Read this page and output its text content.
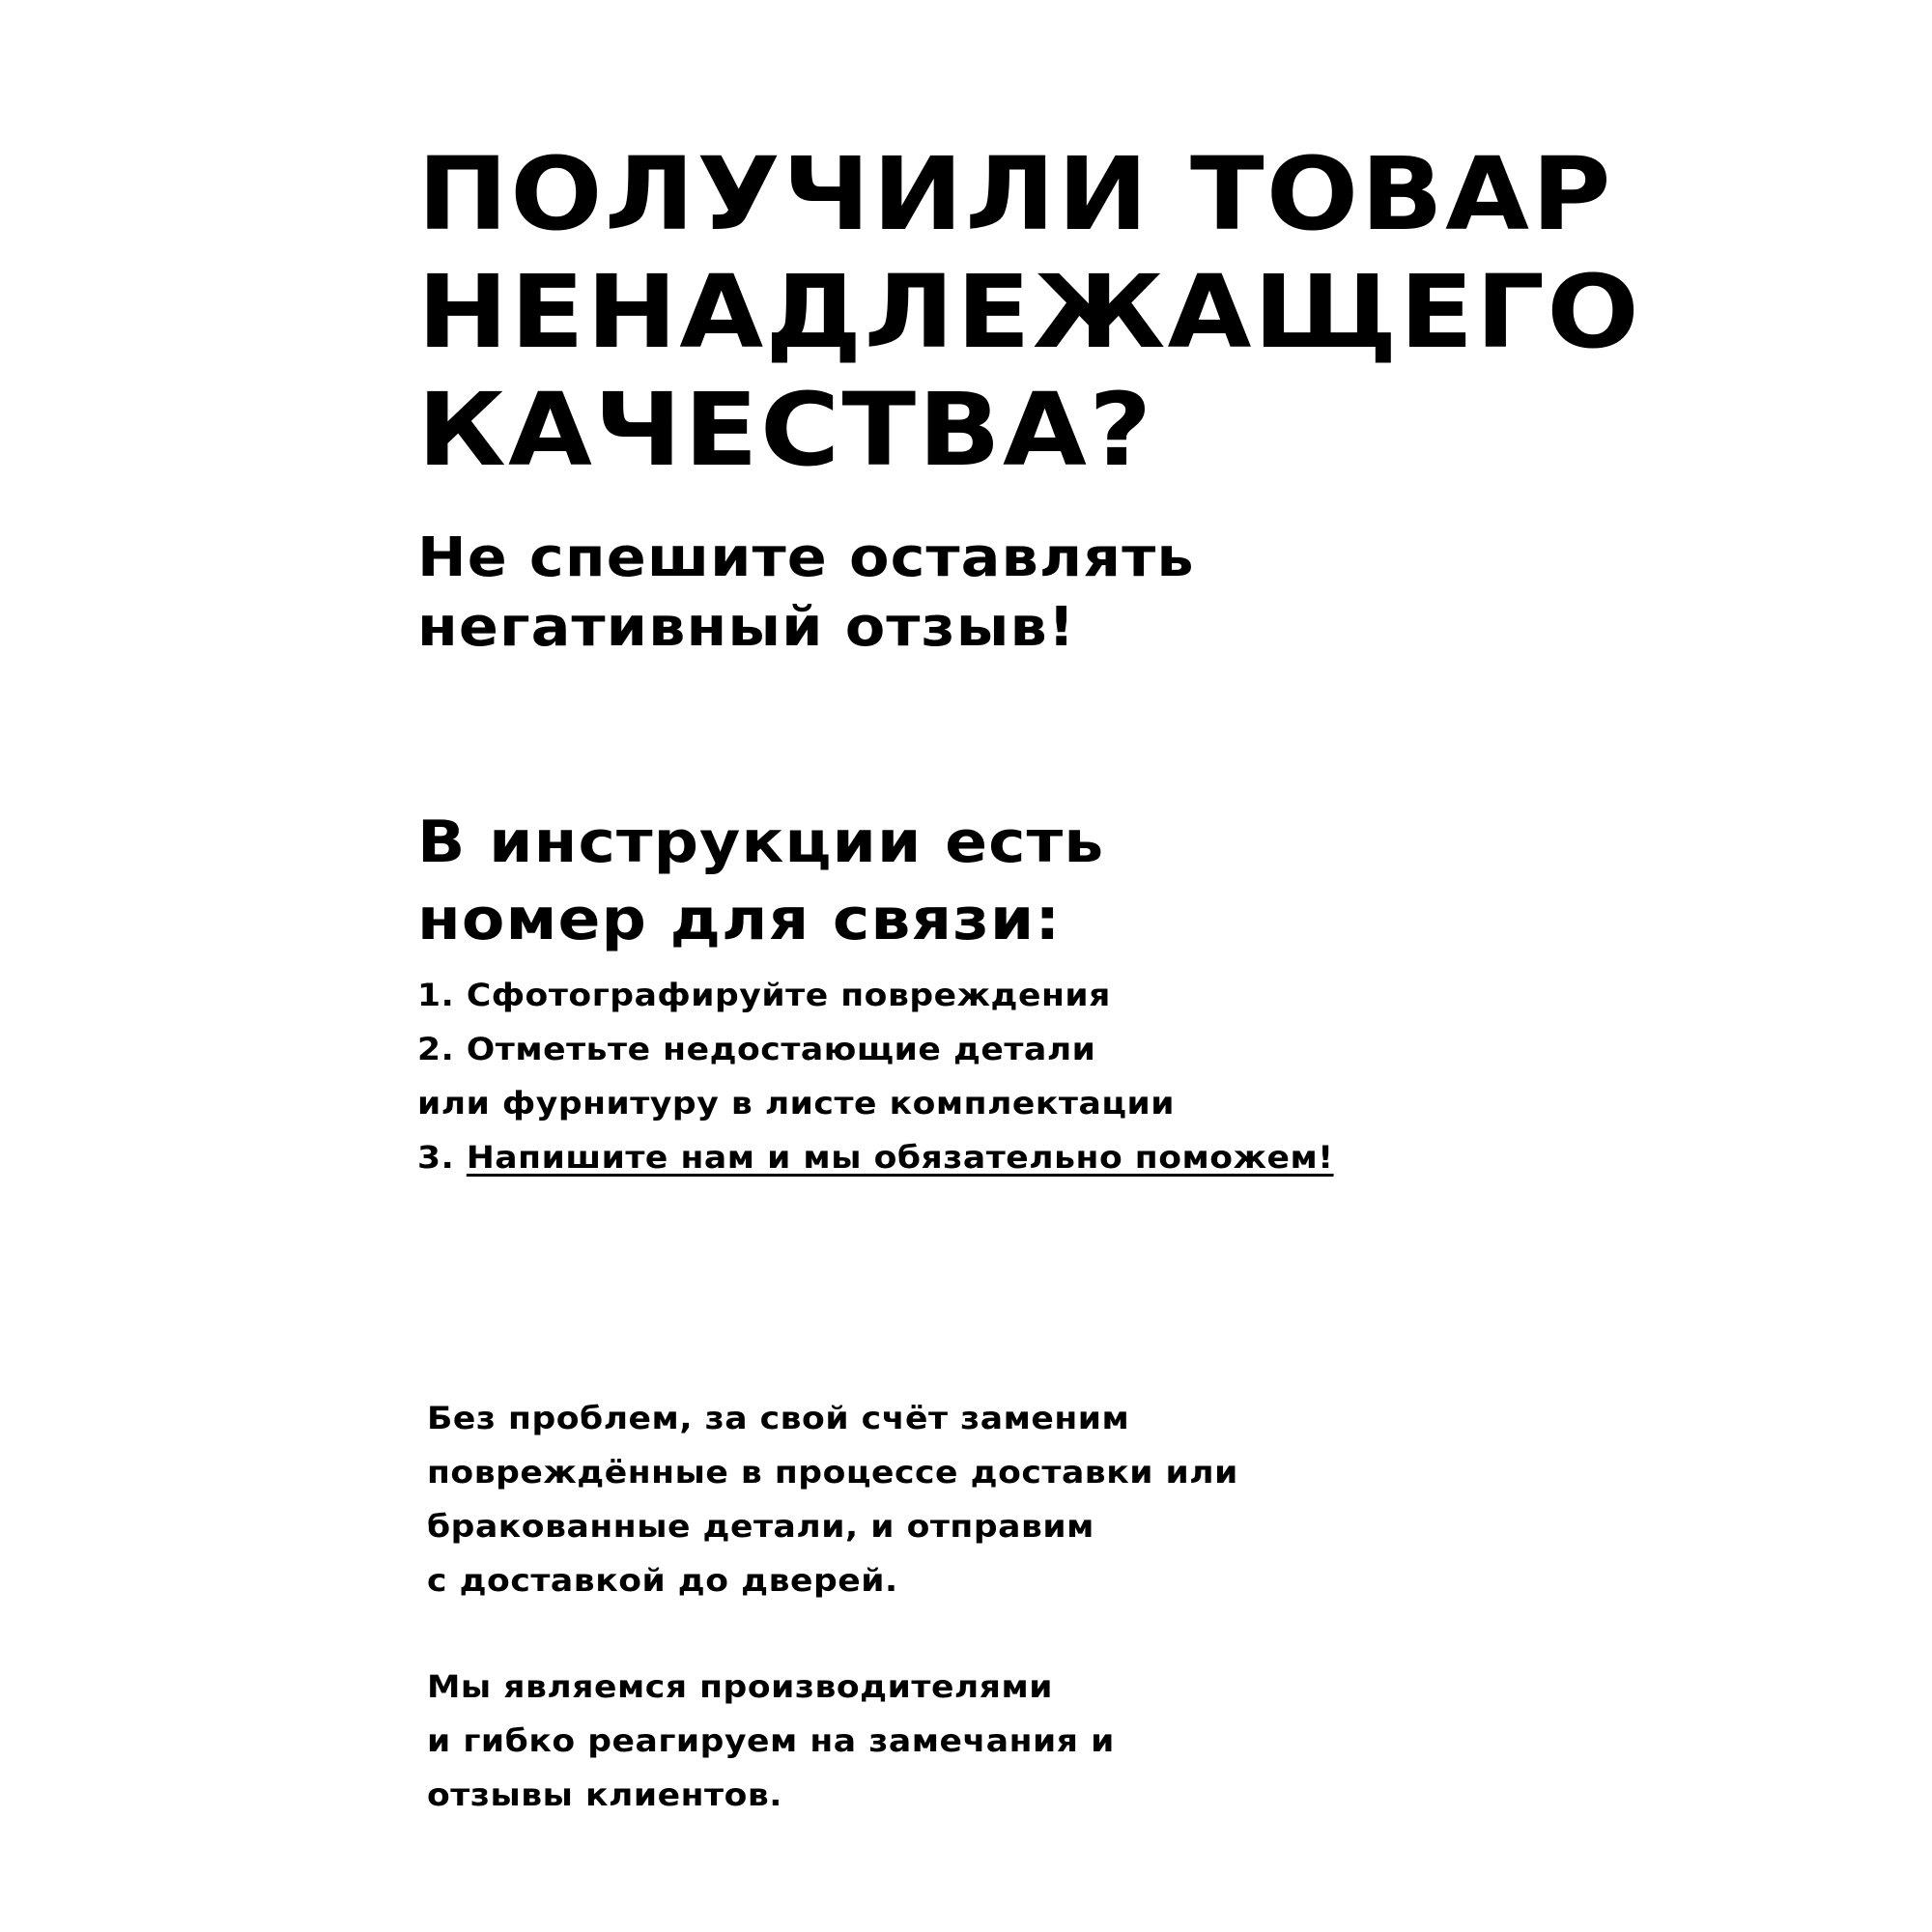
ПОЛУЧИЛИ ТОВАР
НЕНАДЛЕЖАЩЕГО
КАЧЕСТВА?
Не спешите оставлять
негативный отзыв!
В инструкции есть
номер для связи:
1. Сфотографируйте повреждения
2. Отметьте недостающие детали
или фурнитуру в листе комплектации
3. Напишите нам и мы обязательно поможем!
Без проблем, за свой счёт заменим
повреждённые в процессе доставки или
бракованные детали, и отправим
с доставкой до дверей.
Мы являемся производителями
и гибко реагируем на замечания и
отзывы клиентов.
